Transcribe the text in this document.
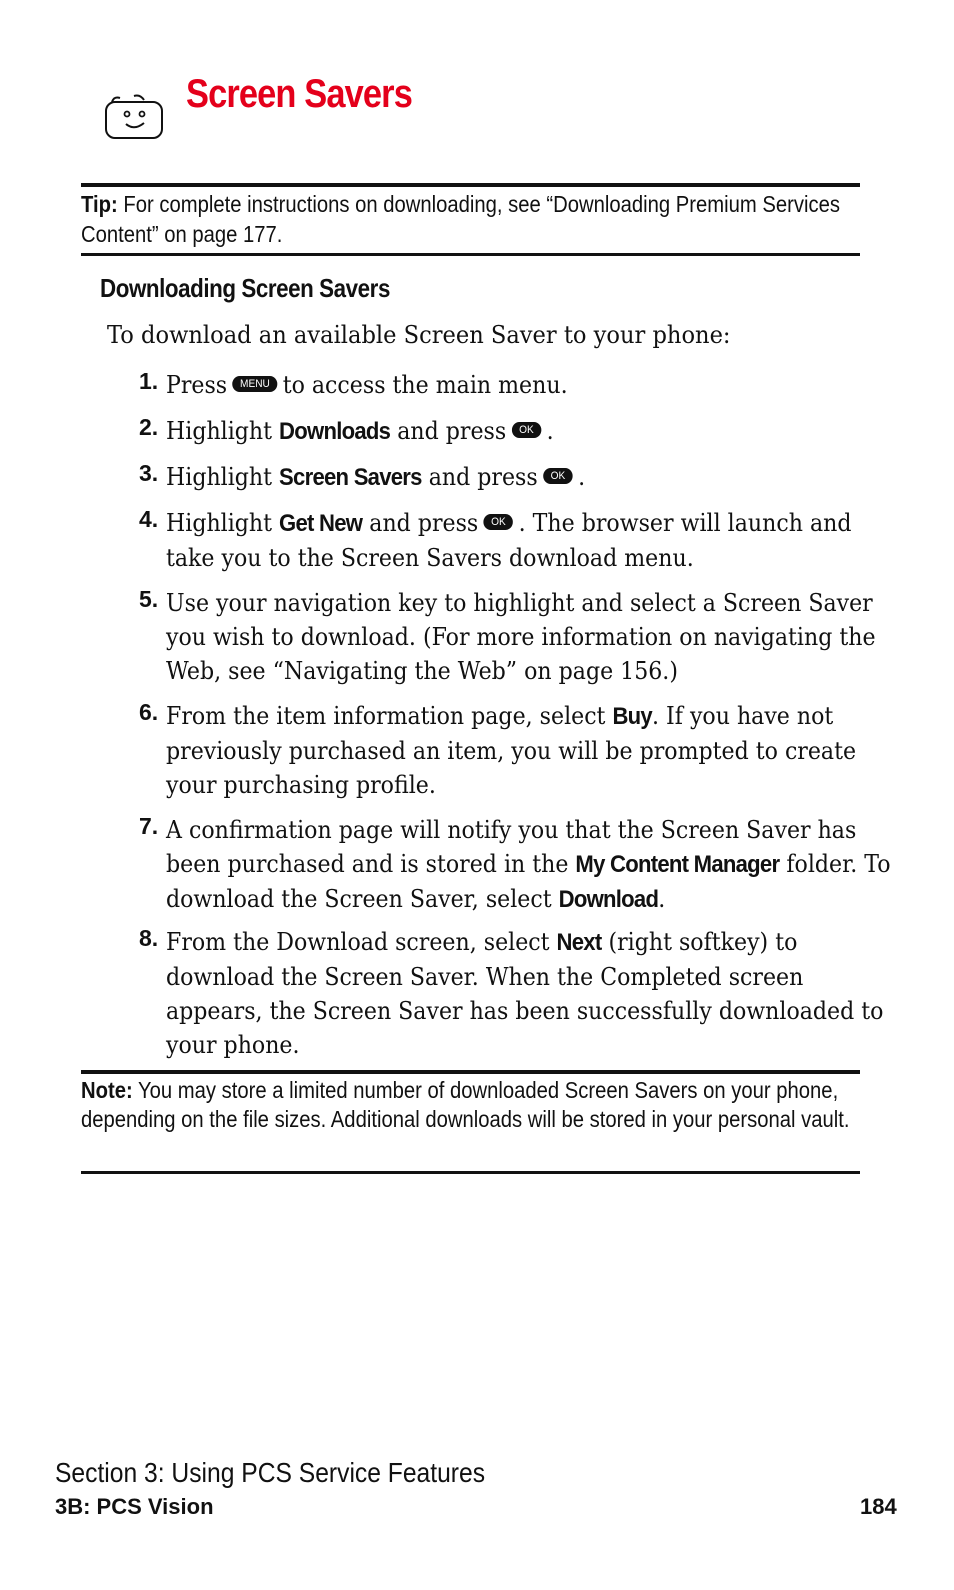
Screen Savers
Tip: For complete instructions on downloading, see “Downloading Premium Services Content” on page 177.
Downloading Screen Savers
To download an available Screen Saver to your phone:
1. Press MENU to access the main menu.
2. Highlight Downloads and press OK .
3. Highlight Screen Savers and press OK .
4. Highlight Get New and press OK . The browser will launch and take you to the Screen Savers download menu.
5. Use your navigation key to highlight and select a Screen Saver you wish to download. (For more information on navigating the Web, see “Navigating the Web” on page 156.)
6. From the item information page, select Buy. If you have not previously purchased an item, you will be prompted to create your purchasing profile.
7. A confirmation page will notify you that the Screen Saver has been purchased and is stored in the My Content Manager folder. To download the Screen Saver, select Download.
8. From the Download screen, select Next (right softkey) to download the Screen Saver. When the Completed screen appears, the Screen Saver has been successfully downloaded to your phone.
Note: You may store a limited number of downloaded Screen Savers on your phone, depending on the file sizes. Additional downloads will be stored in your personal vault.
Section 3: Using PCS Service Features
3B: PCS Vision	184
